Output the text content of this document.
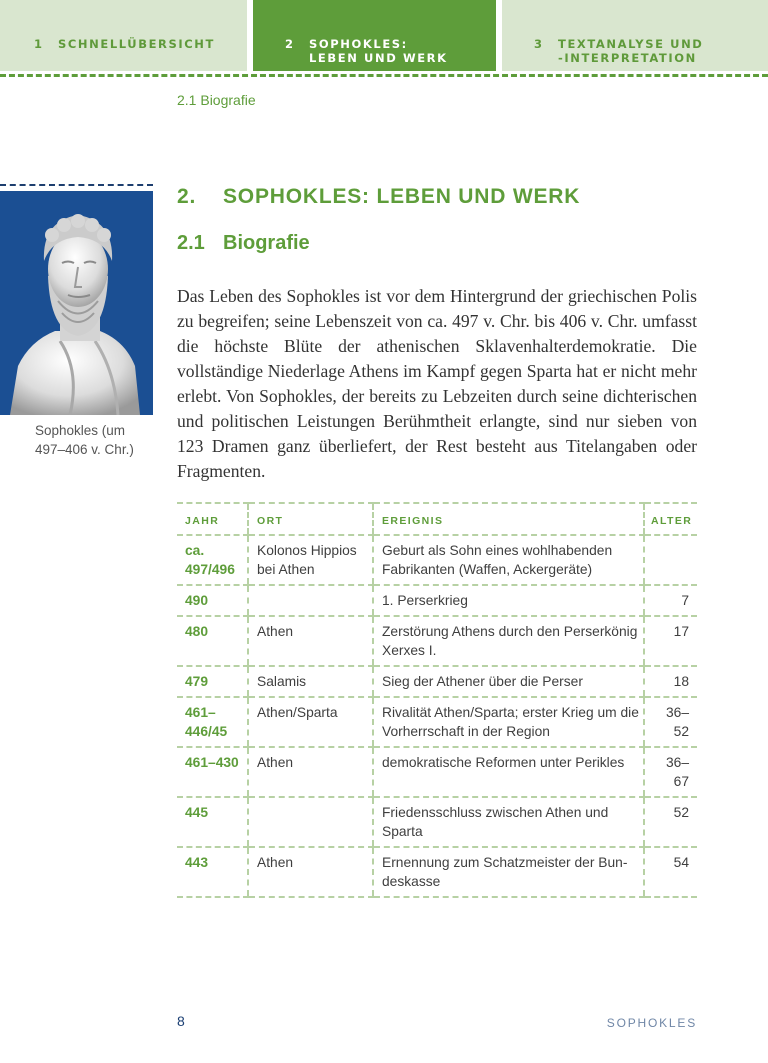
1 SCHNELLÜBERSICHT	2 SOPHOKLES: LEBEN UND WERK
3 TEXTANALYSE UND -INTERPRETATION
2.1 Biografie
Sophokles (um 497–406 v. Chr.)
2. SOPHOKLES: LEBEN UND WERK
2.1 Biografie
Das Leben des Sophokles ist vor dem Hintergrund der griechischen Polis zu begreifen; seine Lebenszeit von ca. 497 v. Chr. bis 406 v. Chr. umfasst die höchste Blüte der athenischen Sklavenhalterdemokratie. Die vollständige Niederlage Athens im Kampf gegen Sparta hat er nicht mehr erlebt. Von Sophokles, der bereits zu Lebzeiten durch seine dichterischen und politischen Leistungen Berühmtheit erlangte, sind nur sieben von 123 Dramen ganz überliefert, der Rest besteht aus Titelangaben oder Fragmenten.
JAHR	ORT	EREIGNIS	ALTER
ca. 497/496	Kolonos Hippios bei Athen	Geburt als Sohn eines wohlhabenden Fabrikanten (Waffen, Ackergeräte)	
490		1. Perserkrieg	7
480	Athen	Zerstörung Athens durch den Perserkönig Xerxes I.	17
479	Salamis	Sieg der Athener über die Perser	18
461–446/45	Athen/Sparta	Rivalität Athen/Sparta; erster Krieg um die Vorherrschaft in der Region	36–52
461–430	Athen	demokratische Reformen unter Perikles	36–67
445		Friedensschluss zwischen Athen und Sparta	52
443	Athen	Ernennung zum Schatzmeister der Bundeskasse	54
8	SOPHOKLES
